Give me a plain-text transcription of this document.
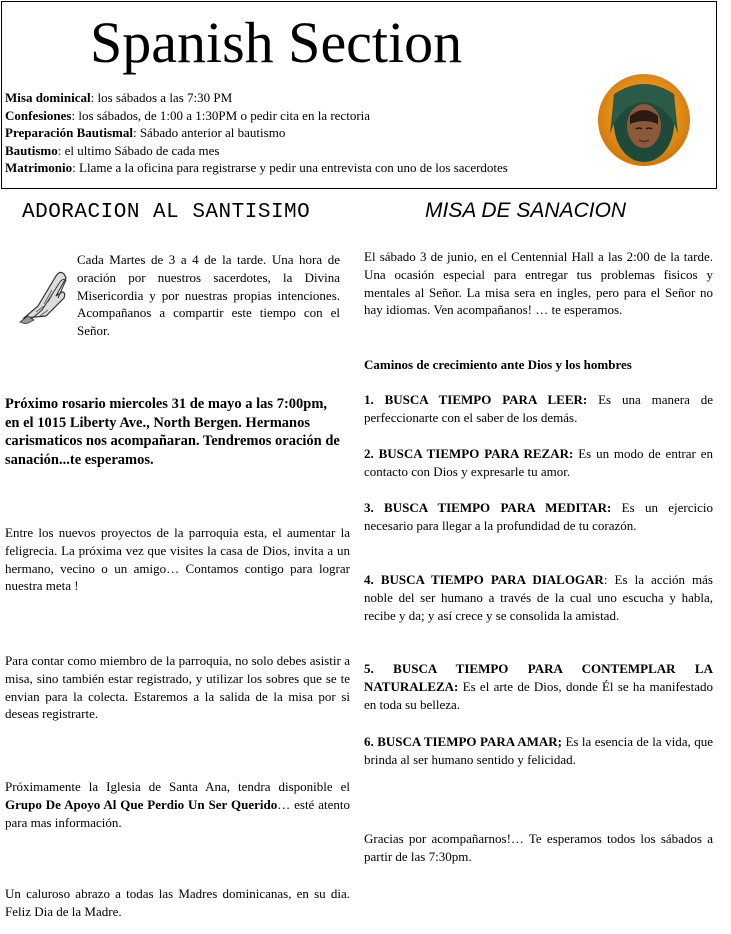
Spanish Section
Misa dominical: los sábados a las 7:30 PM
Confesiones: los sábados, de 1:00 a 1:30PM o pedir cita en la rectoria
Preparación Bautismal: Sábado anterior al bautismo
Bautismo: el ultimo Sábado de cada mes
Matrimonio: Llame a la oficina para registrarse y pedir una entrevista con uno de los sacerdotes
ADORACION AL SANTISIMO	MISA DE SANACION
Cada Martes de 3 a 4 de la tarde. Una hora de oración por nuestros sacerdotes, la Divina Misericordia y por nuestras propias intenciones. Acompañanos a compartir este tiempo con el Señor.
Próximo rosario miercoles 31 de mayo a las 7:00pm, en el 1015 Liberty Ave., North Bergen. Hermanos carismaticos nos acompañaran. Tendremos oración de sanación...te esperamos.
Entre los nuevos proyectos de la parroquia esta, el aumentar la feligrecia. La próxima vez que visites la casa de Dios, invita a un hermano, vecino o un amigo… Contamos contigo para lograr nuestra meta !
Para contar como miembro de la parroquia, no solo debes asistir a misa, sino también estar registrado, y utilizar los sobres que se te envian para la colecta. Estaremos a la salida de la misa por si deseas registrarte.
Próximamente la Iglesia de Santa Ana, tendra disponible el Grupo De Apoyo Al Que Perdio Un Ser Querido… esté atento para mas información.
Un caluroso abrazo a todas las Madres dominicanas, en su dia. Feliz Dia de la Madre.
El sábado 3 de junio, en el Centennial Hall a las 2:00 de la tarde. Una ocasión especial para entregar tus problemas fisicos y mentales al Señor. La misa sera en ingles, pero para el Señor no hay idiomas. Ven acompañanos! … te esperamos.
Caminos de crecimiento ante Dios y los hombres
1. BUSCA TIEMPO PARA LEER: Es una manera de perfeccionarte con el saber de los demás.
2. BUSCA TIEMPO PARA REZAR: Es un modo de entrar en contacto con Dios y expresarle tu amor.
3. BUSCA TIEMPO PARA MEDITAR: Es un ejercicio necesario para llegar a la profundidad de tu corazón.
4. BUSCA TIEMPO PARA DIALOGAR: Es la acción más noble del ser humano a través de la cual uno escucha y habla, recibe y da; y así crece y se consolida la amistad.
5. BUSCA TIEMPO PARA CONTEMPLAR LA NATURALEZA: Es el arte de Dios, donde Él se ha manifestado en toda su belleza.
6. BUSCA TIEMPO PARA AMAR; Es la esencia de la vida, que brinda al ser humano sentido y felicidad.
Gracias por acompañarnos!… Te esperamos todos los sábados a partir de las 7:30pm.
